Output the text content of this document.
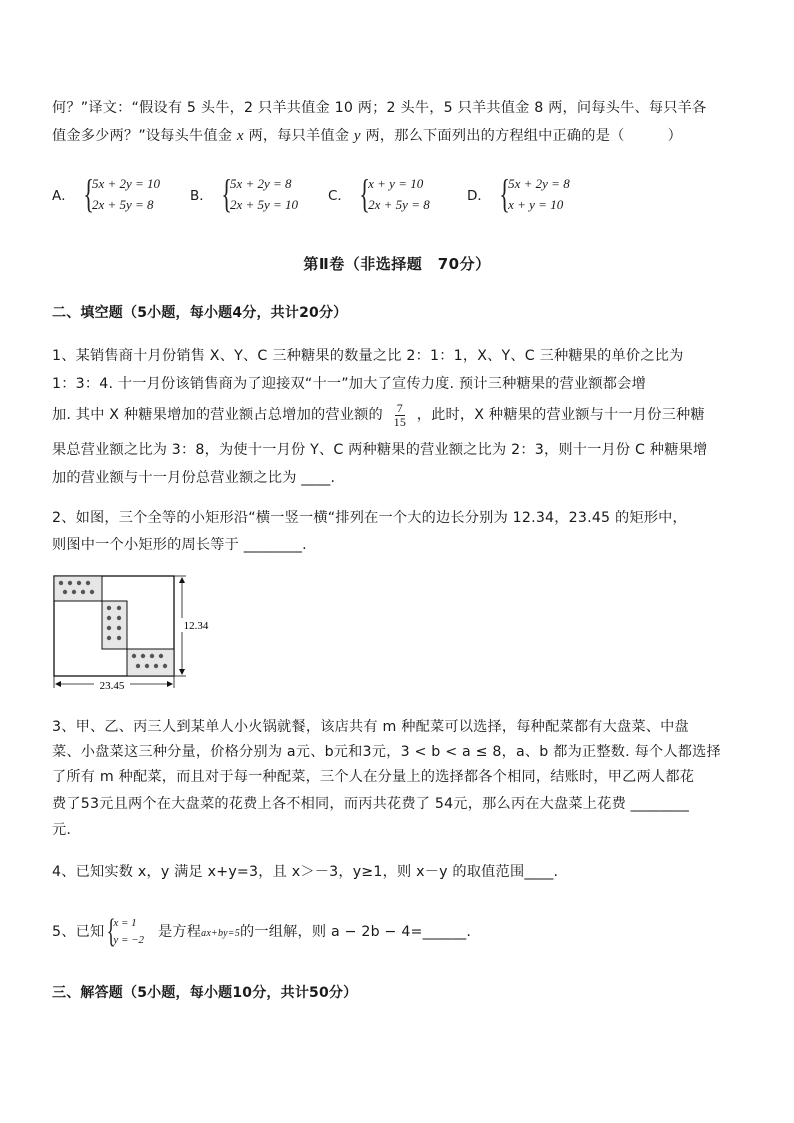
何？”译文：“假设有 5 头牛，2 只羊共值金 10 两；2 头牛，5 只羊共值金 8 两，问每头牛、每只羊各
值金多少两？”设每头牛值金 x 两，每只羊值金 y 两，那么下面列出的方程组中正确的是（　　　）
A． {
5x + 2y = 10
2x + 5y = 8
B． {
5x + 2y = 8
2x + 5y = 10
C． {
x + y = 10
2x + 5y = 8
D． {
5x + 2y = 8
x + y = 10
第Ⅱ卷（非选择题　70分）
二、填空题（5小题，每小题4分，共计20分）
1、某销售商十月份销售 X、Y、C 三种糖果的数量之比 2：1：1，X、Y、C 三种糖果的单价之比为
1：3：4. 十一月份该销售商为了迎接双“十一”加大了宣传力度. 预计三种糖果的营业额都会增
加. 其中 X 种糖果增加的营业额占总增加的营业额的 $\frac{7}{15}$ ，此时，X 种糖果的营业额与十一月份三种糖
果总营业额之比为 3：8，为使十一月份 Y、C 两种糖果的营业额之比为 2：3，则十一月份 C 种糖果增
加的营业额与十一月份总营业额之比为 ____.
2、如图，三个全等的小矩形沿“横一竖一横“排列在一个大的边长分别为 12.34，23.45 的矩形中，
则图中一个小矩形的周长等于 ________.
23.45
12.34
3、甲、乙、丙三人到某单人小火锅就餐，该店共有 m 种配菜可以选择，每种配菜都有大盘菜、中盘
菜、小盘菜这三种分量，价格分别为 a元、b元和3元，3 < b < a ≤ 8，a、b 都为正整数. 每个人都选择
了所有 m 种配菜，而且对于每一种配菜，三个人在分量上的选择都各个相同，结账时，甲乙两人都花
费了53元且两个在大盘菜的花费上各不相同，而丙共花费了 54元，那么丙在大盘菜上花费 ________
元.
4、已知实数 x，y 满足 x+y=3，且 x＞－3，y≥1，则 x－y 的取值范围____.
5、已知 {
x = 1
y = −2 是方程ax+by=5的一组解，则 a − 2b − 4=______.
三、解答题（5小题，每小题10分，共计50分）
